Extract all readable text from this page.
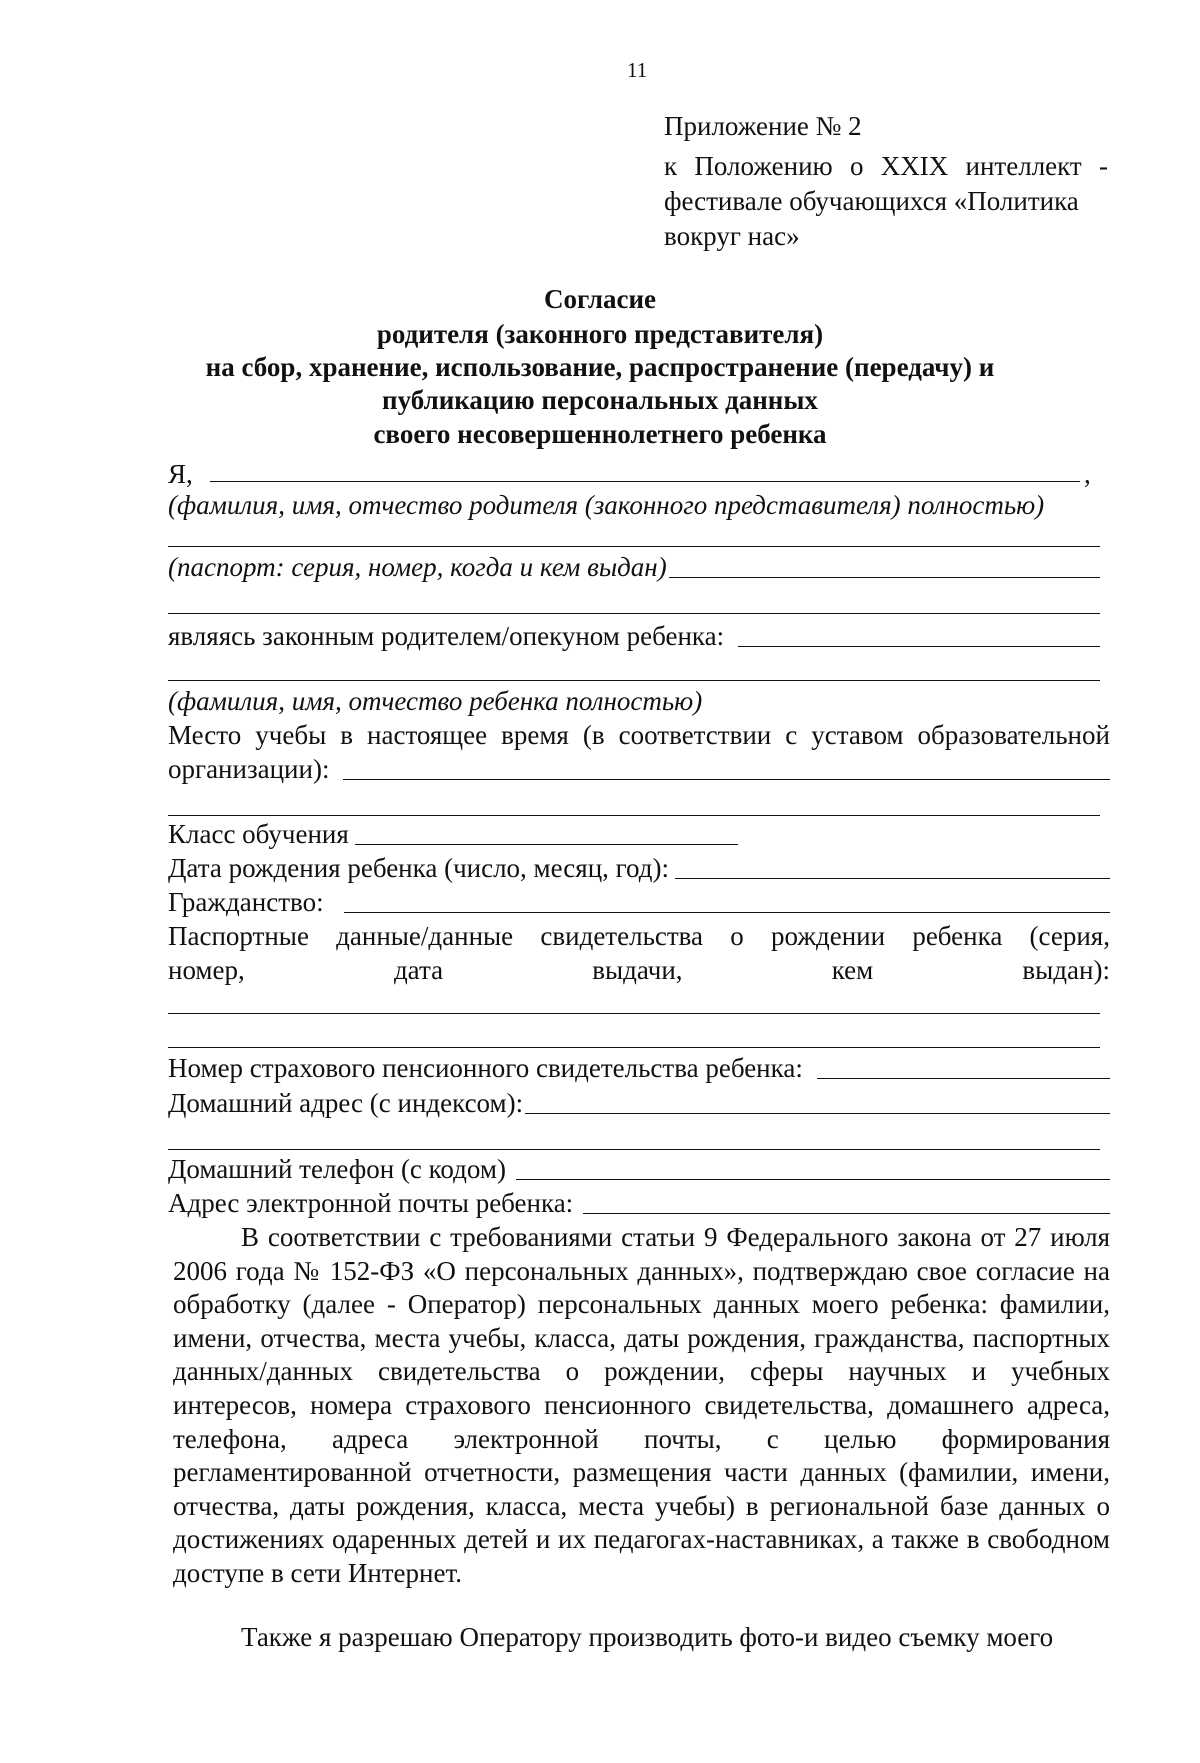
11
Приложение № 2
к Положению о XXIX интеллект -
фестивале обучающихся «Политика
вокруг нас»
Согласие
родителя (законного представителя)
на сбор, хранение, использование, распространение (передачу) и
публикацию персональных данных
своего несовершеннолетнего ребенка
Я,	,
(фамилия, имя, отчество родителя (законного представителя) полностью)
(паспорт: серия, номер, когда и кем выдан)
являясь законным родителем/опекуном ребенка:
(фамилия, имя, отчество ребенка полностью)
Место учебы в настоящее время (в соответствии с уставом образовательной
организации):
Класс обучения
Дата рождения ребенка (число, месяц, год):
Гражданство:
Паспортные данные/данные свидетельства о рождении ребенка (серия,
номер,	дата	выдачи,	кем	выдан):
Номер страхового пенсионного свидетельства ребенка:
Домашний адрес (с индексом):
Домашний телефон (с кодом)
Адрес электронной почты ребенка:
В соответствии с требованиями статьи 9 Федерального закона от 27 июля 2006 года № 152-ФЗ «О персональных данных», подтверждаю свое согласие на обработку (далее - Оператор) персональных данных моего ребенка: фамилии, имени, отчества, места учебы, класса, даты рождения, гражданства, паспортных данных/данных свидетельства о рождении, сферы научных и учебных интересов, номера страхового пенсионного свидетельства, домашнего адреса, телефона, адреса электронной почты, с целью формирования регламентированной отчетности, размещения части данных (фамилии, имени, отчества, даты рождения, класса, места учебы) в региональной базе данных о достижениях одаренных детей и их педагогах-наставниках, а также в свободном доступе в сети Интернет.
Также я разрешаю Оператору производить фото-и видео съемку моего
